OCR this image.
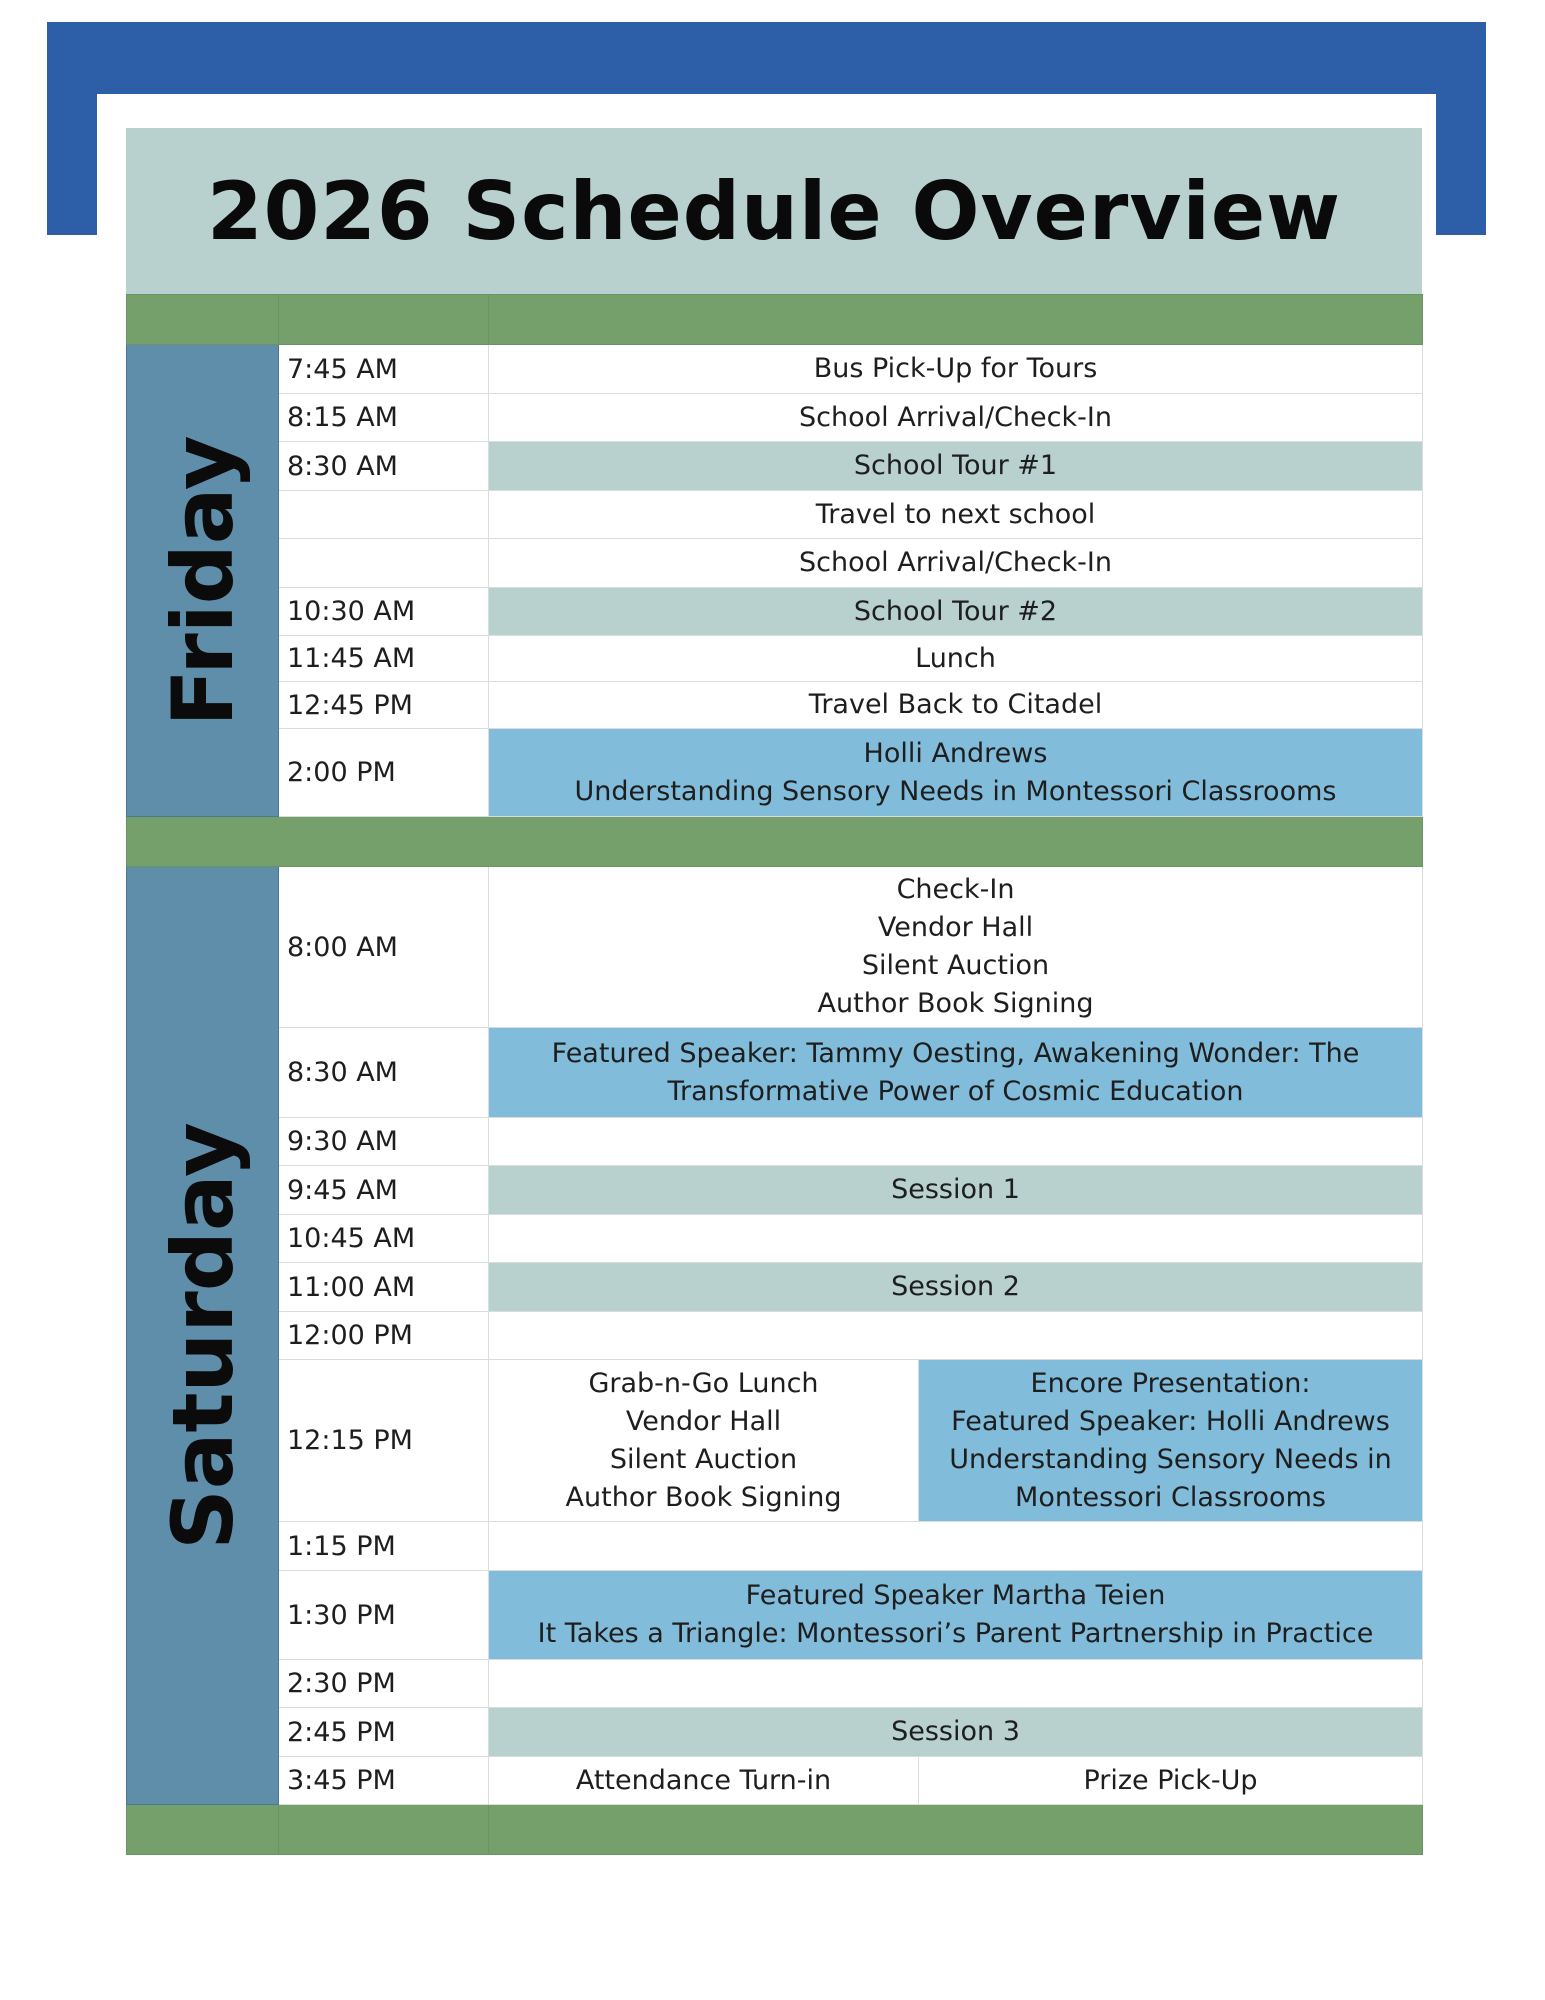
2026 Schedule Overview

Friday	7:45 AM	Bus Pick-Up for Tours	

	8:15 AM	School Arrival/Check-In	

	8:30 AM	School Tour #1	

		Travel to next school	

		School Arrival/Check-In	

	10:30 AM	School Tour #2	

	11:45 AM	Lunch	

	12:45 PM	Travel Back to Citadel	

	2:00 PM	Holli Andrews
Understanding Sensory Needs in Montessori Classrooms	

Saturday	8:00 AM	Check-In
Vendor Hall
Silent Auction
Author Book Signing	

	8:30 AM	Featured Speaker: Tammy Oesting, Awakening Wonder: The
Transformative Power of Cosmic Education	

	9:30 AM		
	9:45 AM	Session 1	

	10:45 AM		
	11:00 AM	Session 2	

	12:00 PM		
	12:15 PM	Grab-n-Go Lunch
Vendor Hall
Silent Auction
Author Book Signing	Encore Presentation:
Featured Speaker: Holli Andrews
Understanding Sensory Needs in
Montessori Classrooms

	1:15 PM		
	1:30 PM	Featured Speaker Martha Teien
It Takes a Triangle: Montessori’s Parent Partnership in Practice	

	2:30 PM		
	2:45 PM	Session 3	

	3:45 PM	Attendance Turn-in	Prize Pick-Up
